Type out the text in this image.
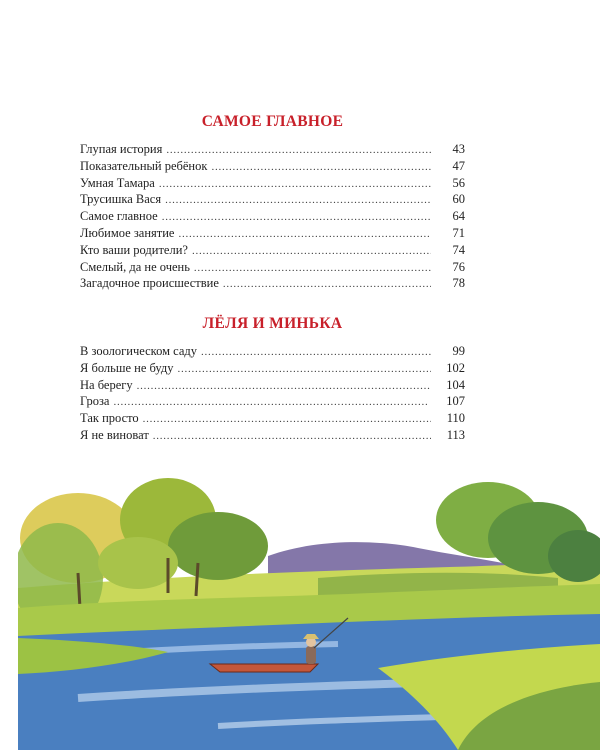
САМОЕ ГЛАВНОЕ
Глупая история . . .	43
Показательный ребёнок . . .	47
Умная Тамара . . .	56
Трусишка Вася . . .	60
Самое главное . . .	64
Любимое занятие . . .	71
Кто ваши родители? . . .	74
Смелый, да не очень . . .	76
Загадочное происшествие . . .	78
ЛЁЛЯ И МИНЬКА
В зоологическом саду . . .	99
Я больше не буду . . .	102
На берегу . . .	104
Гроза . . .	107
Так просто . . .	110
Я не виноват . . .	113
